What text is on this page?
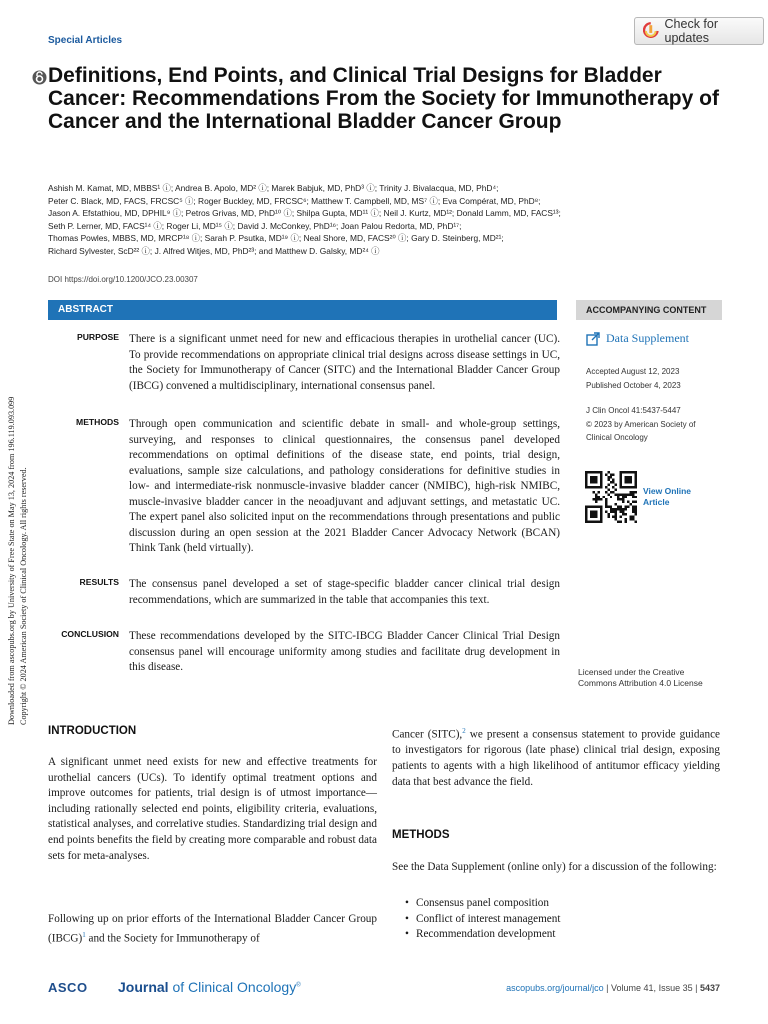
Special Articles
Check for updates
Definitions, End Points, and Clinical Trial Designs for Bladder Cancer: Recommendations From the Society for Immunotherapy of Cancer and the International Bladder Cancer Group
Ashish M. Kamat, MD, MBBS¹ ⓘ; Andrea B. Apolo, MD² ⓘ; Marek Babjuk, MD, PhD³ ⓘ; Trinity J. Bivalacqua, MD, PhD⁴;
Peter C. Black, MD, FACS, FRCSC⁵ ⓘ; Roger Buckley, MD, FRCSC⁶; Matthew T. Campbell, MD, MS⁷ ⓘ; Eva Compérat, MD, PhD⁸;
Jason A. Efstathiou, MD, DPHIL⁹ ⓘ; Petros Grivas, MD, PhD¹⁰ ⓘ; Shilpa Gupta, MD¹¹ ⓘ; Neil J. Kurtz, MD¹²; Donald Lamm, MD, FACS¹³;
Seth P. Lerner, MD, FACS¹⁴ ⓘ; Roger Li, MD¹⁵ ⓘ; David J. McConkey, PhD¹⁶; Joan Palou Redorta, MD, PhD¹⁷;
Thomas Powles, MBBS, MD, MRCP¹⁸ ⓘ; Sarah P. Psutka, MD¹⁹ ⓘ; Neal Shore, MD, FACS²⁰ ⓘ; Gary D. Steinberg, MD²¹;
Richard Sylvester, ScD²² ⓘ; J. Alfred Witjes, MD, PhD²³; and Matthew D. Galsky, MD²⁴ ⓘ
DOI https://doi.org/10.1200/JCO.23.00307
Downloaded from ascopubs.org by University of Free State on May 13, 2024 from 196.119.093.099 Copyright © 2024 American Society of Clinical Oncology. All rights reserved.
ABSTRACT	ACCOMPANYING CONTENT
PURPOSE There is a significant unmet need for new and efficacious therapies in urothelial cancer (UC). To provide recommendations on appropriate clinical trial designs across disease settings in UC, the Society for Immunotherapy of Cancer (SITC) and the International Bladder Cancer Group (IBCG) convened a multidisciplinary, international consensus panel.
METHODS Through open communication and scientific debate in small- and whole-group settings, surveying, and responses to clinical questionnaires, the consensus panel developed recommendations on optimal definitions of the disease state, end points, trial design, evaluations, sample size calculations, and pathology considerations for definitive studies in low- and intermediate-risk nonmuscle-invasive bladder cancer (NMIBC), high-risk NMIBC, muscle-invasive bladder cancer in the neoadjuvant and adjuvant settings, and metastatic UC. The expert panel also solicited input on the recommendations through presentations and public discussion during an open session at the 2021 Bladder Cancer Advocacy Network (BCAN) Think Tank (held virtually).
RESULTS The consensus panel developed a set of stage-specific bladder cancer clinical trial design recommendations, which are summarized in the table that accompanies this text.
CONCLUSION These recommendations developed by the SITC-IBCG Bladder Cancer Clinical Trial Design consensus panel will encourage uniformity among studies and facilitate drug development in this disease.
Data Supplement
Accepted August 12, 2023
Published October 4, 2023
J Clin Oncol 41:5437-5447
© 2023 by American Society of
Clinical Oncology
View Online
Article
Licensed under the Creative
Commons Attribution 4.0 License
INTRODUCTION
A significant unmet need exists for new and effective treatments for urothelial cancers (UCs). To identify optimal treatment options and improve outcomes for patients, trial design is of utmost importance—including rationally selected end points, eligibility criteria, evaluations, statistical analyses, and correlative studies. Standardizing trial design and end points benefits the field by creating more comparable and robust data sets for meta-analyses.
Following up on prior efforts of the International Bladder Cancer Group (IBCG)$^1$ and the Society for Immunotherapy of
Cancer (SITC),$^2$ we present a consensus statement to provide guidance to investigators for rigorous (late phase) clinical trial design, exposing patients to agents with a high likelihood of antitumor efficacy yielding data that best advance the field.
METHODS
See the Data Supplement (online only) for a discussion of the following:
• Consensus panel composition
• Conflict of interest management
• Recommendation development
ASCO Journal of Clinical Oncology®	ascopubs.org/journal/jco | Volume 41, Issue 35 | 5437
